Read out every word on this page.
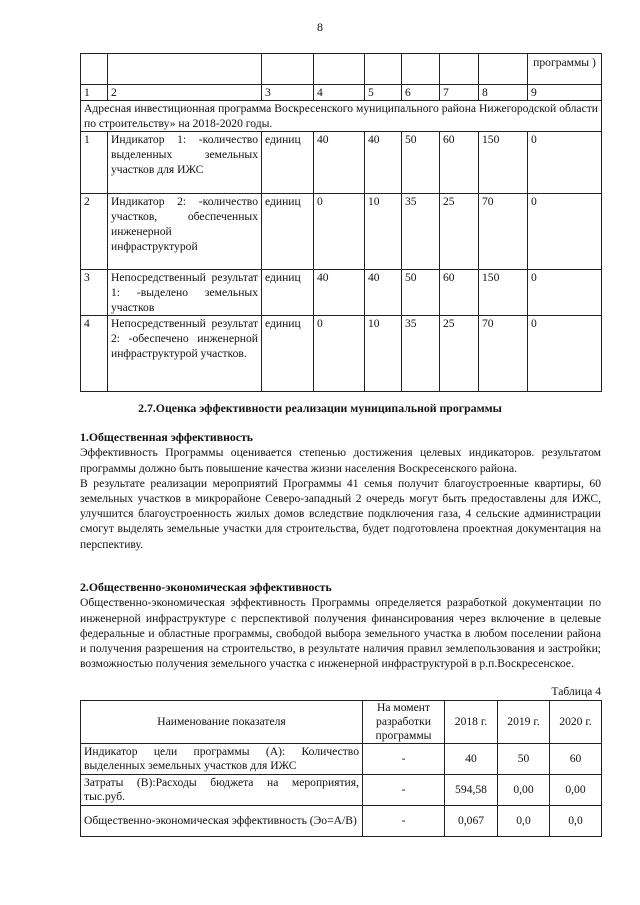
8
								программы )
1	2	3	4	5	6	7	8	9
Адресная инвестиционная программа Воскресенского муниципального района Нижегородской области по строительству» на 2018-2020 годы.								
1	Индикатор 1: -количество выделенных земельных участков для ИЖС	единиц	40	40	50	60	150	0
2	Индикатор 2: -количество участков, обеспеченных инженерной инфраструктурой	единиц	0	10	35	25	70	0
3	Непосредственный результат 1: -выделено земельных участков	единиц	40	40	50	60	150	0
4	Непосредственный результат 2: -обеспечено инженерной инфраструктурой участков.	единиц	0	10	35	25	70	0
2.7.Оценка эффективности реализации муниципальной программы
1.Общественная эффективность

Эффективность Программы оценивается степенью достижения целевых индикаторов. результатом программы должно быть повышение качества жизни населения Воскресенского района.

В результате реализации мероприятий Программы 41 семья получит благоустроенные квартиры, 60 земельных участков в микрорайоне Северо-западный 2 очередь могут быть предоставлены для ИЖС, улучшится благоустроенность жилых домов вследствие подключения газа, 4 сельские администрации смогут выделять земельные участки для строительства, будет подготовлена проектная документация на перспективу.

2.Общественно-экономическая эффективность

Общественно-экономическая эффективность Программы определяется разработкой документации по инженерной инфраструктуре с перспективой получения финансирования через включение в целевые федеральные и областные программы, свободой выбора земельного участка в любом поселении района и получения разрешения на строительство, в результате наличия правил землепользования и застройки; возможностью получения земельного участка с инженерной инфраструктурой в р.п.Воскресенское.

Таблица 4
Наименование показателя	На момент разработки программы	2018 г.	2019 г.	2020 г.
Индикатор цели программы (А): Количество выделенных земельных участков для ИЖС	-	40	50	60
Затраты (В):Расходы бюджета на мероприятия, тыс.руб.	-	594,58	0,00	0,00
Общественно-экономическая эффективность (Эо=А/В)	-	0,067	0,0	0,0
